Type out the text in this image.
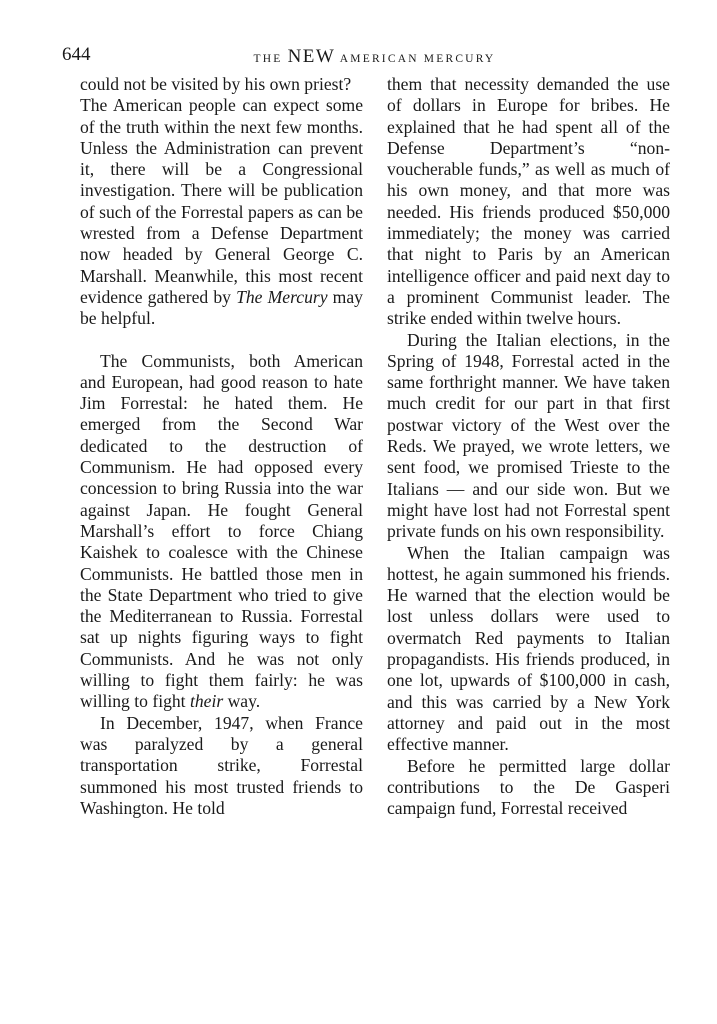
644	THE NEW AMERICAN MERCURY

could not be visited by his own priest?

The American people can expect some of the truth within the next few months. Unless the Administration can prevent it, there will be a Congressional investigation. There will be publication of such of the Forrestal papers as can be wrested from a Defense Department now headed by General George C. Marshall. Meanwhile, this most recent evidence gathered by The Mercury may be helpful.

The Communists, both American and European, had good reason to hate Jim Forrestal: he hated them. He emerged from the Second War dedicated to the destruction of Communism. He had opposed every concession to bring Russia into the war against Japan. He fought General Marshall’s effort to force Chiang Kaishek to coalesce with the Chinese Communists. He battled those men in the State Department who tried to give the Mediterranean to Russia. Forrestal sat up nights figuring ways to fight Communists. And he was not only willing to fight them fairly: he was willing to fight their way.

In December, 1947, when France was paralyzed by a general transportation strike, Forrestal summoned his most trusted friends to Washington. He told

them that necessity demanded the use of dollars in Europe for bribes. He explained that he had spent all of the Defense Department’s “non-voucherable funds,” as well as much of his own money, and that more was needed. His friends produced $50,000 immediately; the money was carried that night to Paris by an American intelligence officer and paid next day to a prominent Communist leader. The strike ended within twelve hours.

During the Italian elections, in the Spring of 1948, Forrestal acted in the same forthright manner. We have taken much credit for our part in that first postwar victory of the West over the Reds. We prayed, we wrote letters, we sent food, we promised Trieste to the Italians — and our side won. But we might have lost had not Forrestal spent private funds on his own responsibility.

When the Italian campaign was hottest, he again summoned his friends. He warned that the election would be lost unless dollars were used to overmatch Red payments to Italian propagandists. His friends produced, in one lot, upwards of $100,000 in cash, and this was carried by a New York attorney and paid out in the most effective manner.

Before he permitted large dollar contributions to the De Gasperi campaign fund, Forrestal received
